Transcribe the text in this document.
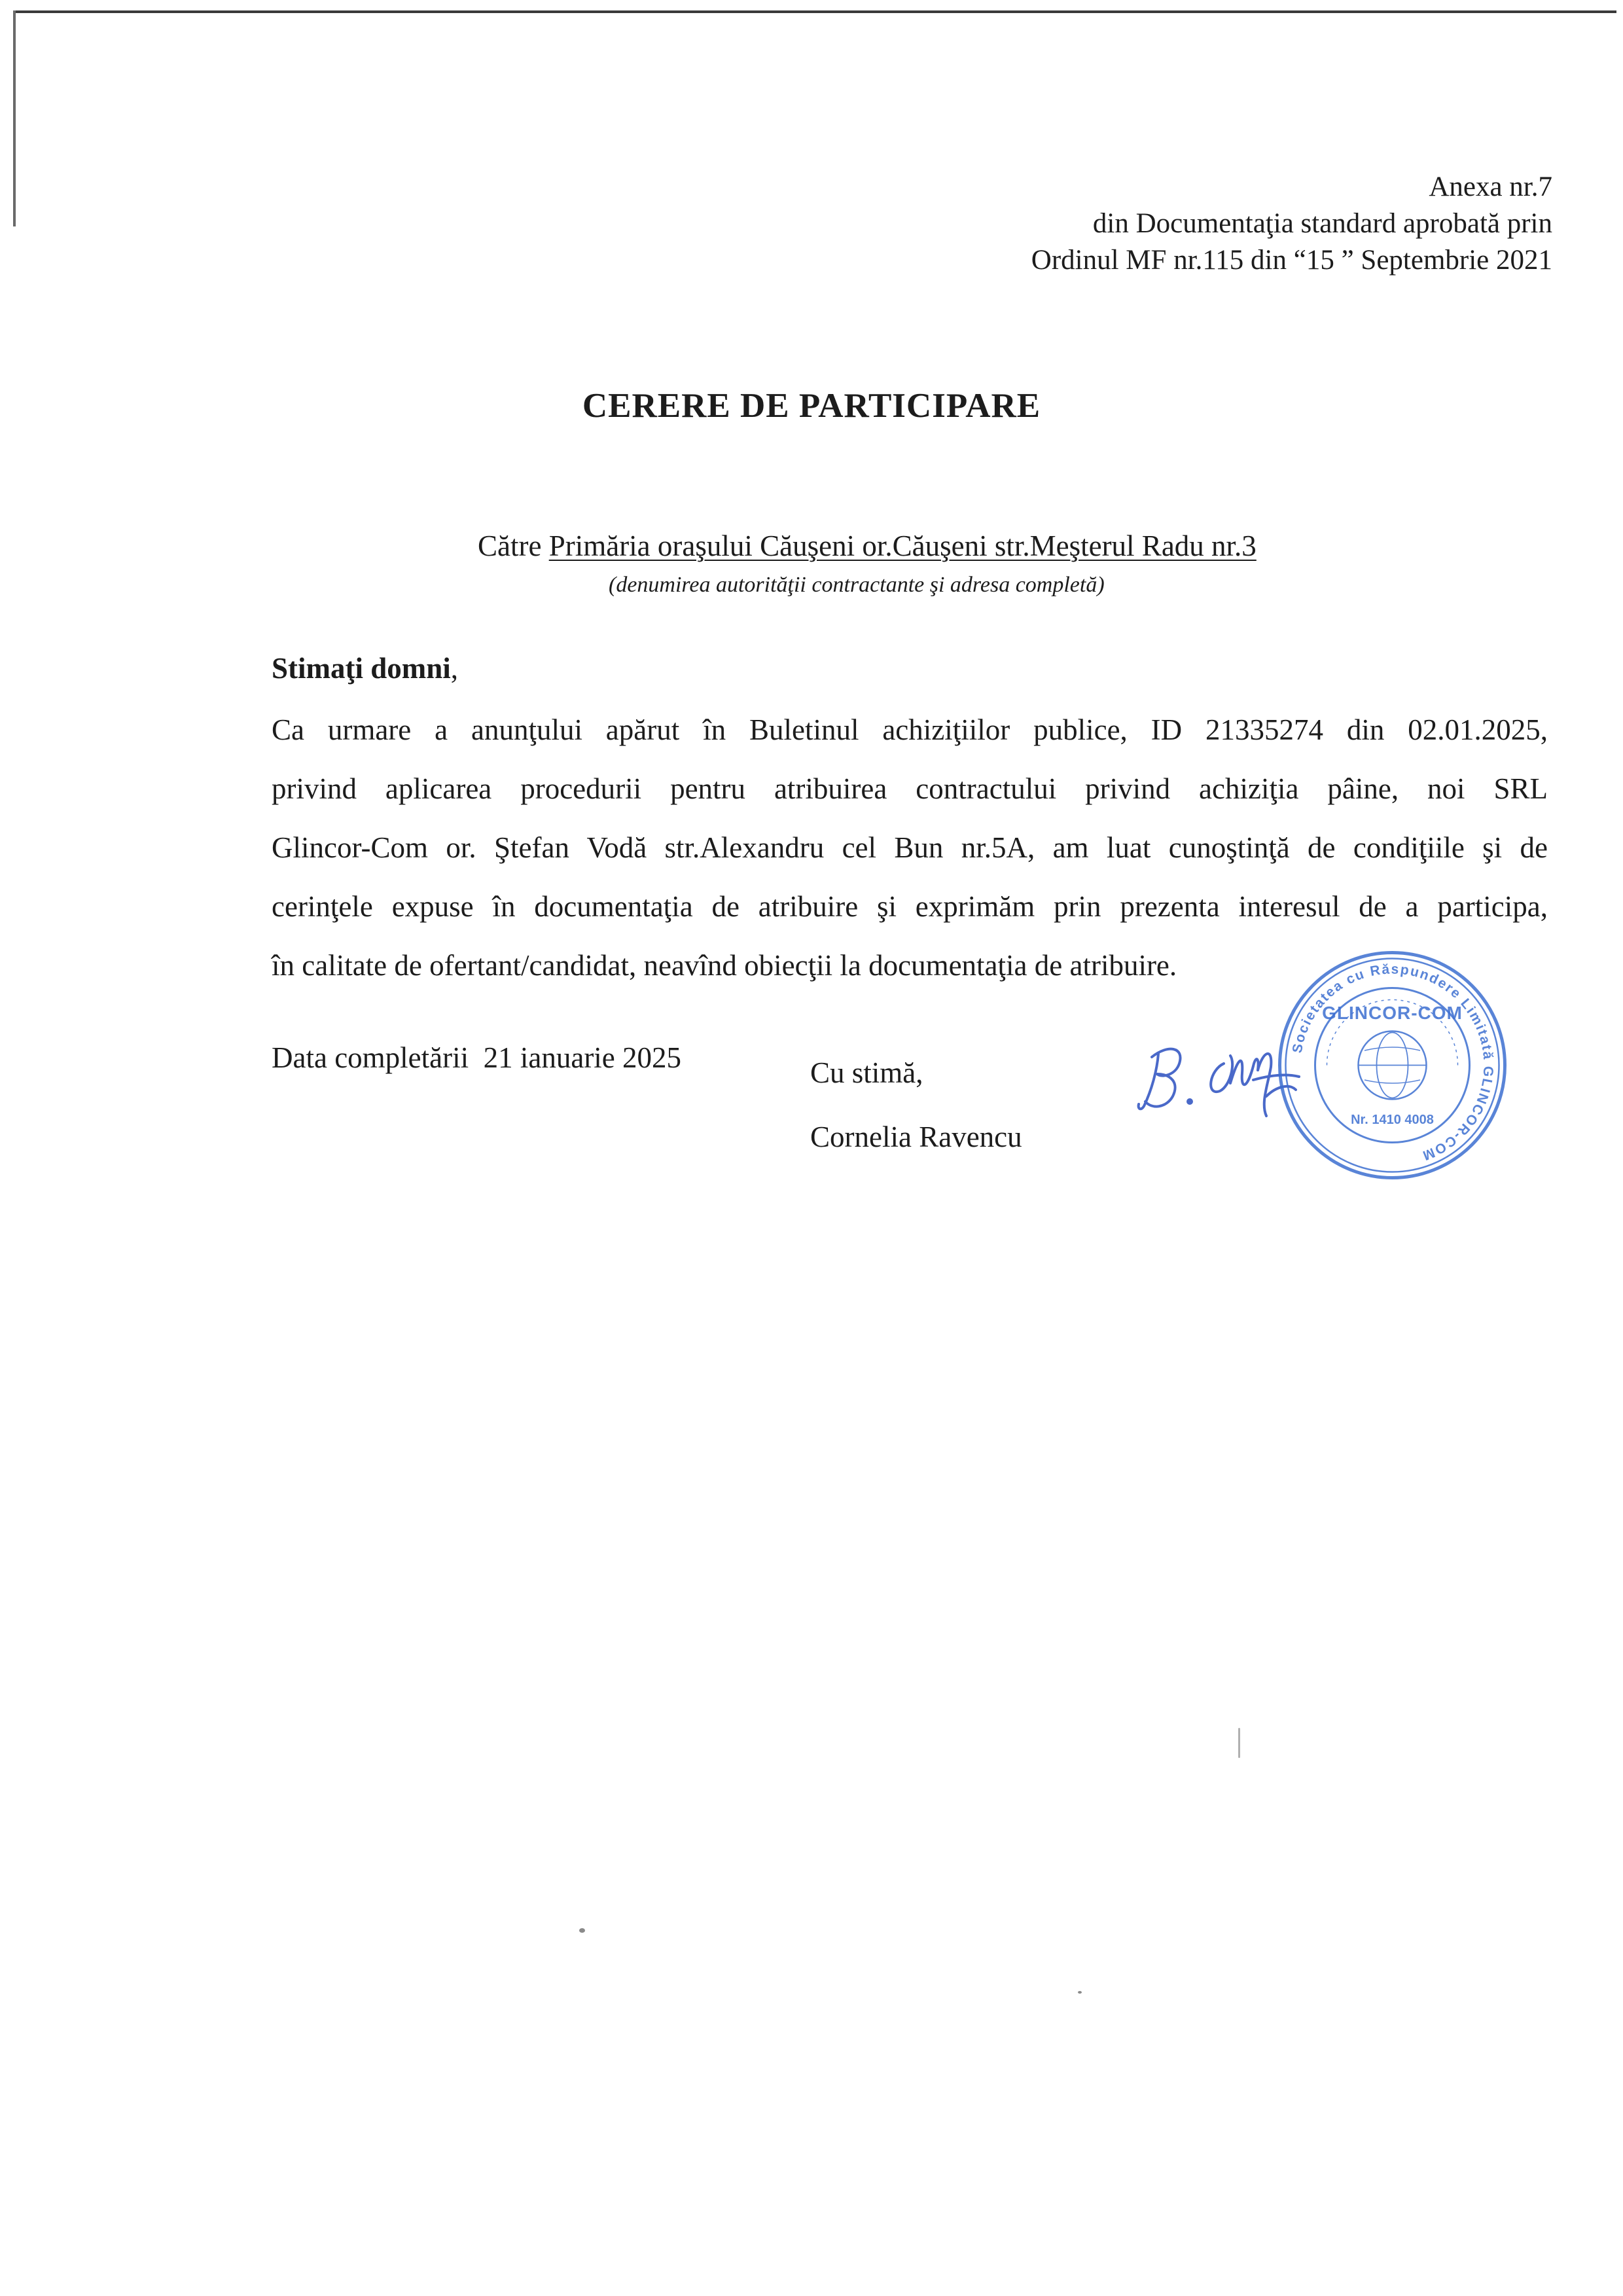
Anexa nr.7
din Documentaţia standard aprobată prin
Ordinul MF nr.115 din “15 ” Septembrie 2021
CERERE DE PARTICIPARE
Către Primăria oraşului Căuşeni or.Căuşeni str.Meşterul Radu nr.3
(denumirea autorităţii contractante şi adresa completă)
Stimaţi domni,
Ca urmare a anunţului apărut în Buletinul achiziţiilor publice, ID 21335274 din 02.01.2025,
privind aplicarea procedurii pentru atribuirea contractului privind achiziţia pâine, noi SRL
Glincor-Com or. Ştefan Vodă str.Alexandru cel Bun nr.5A, am luat cunoştinţă de condiţiile şi de
cerinţele expuse în documentaţia de atribuire şi exprimăm prin prezenta interesul de a participa,
în calitate de ofertant/candidat, neavînd obiecţii la documentaţia de atribuire.
Data completării 21 ianuarie 2025	Cu stimă,
Cornelia Ravencu
Societatea cu Răspundere Limitată GLINCOR-COM
GLINCOR-COM
Nr. 1410 4008
